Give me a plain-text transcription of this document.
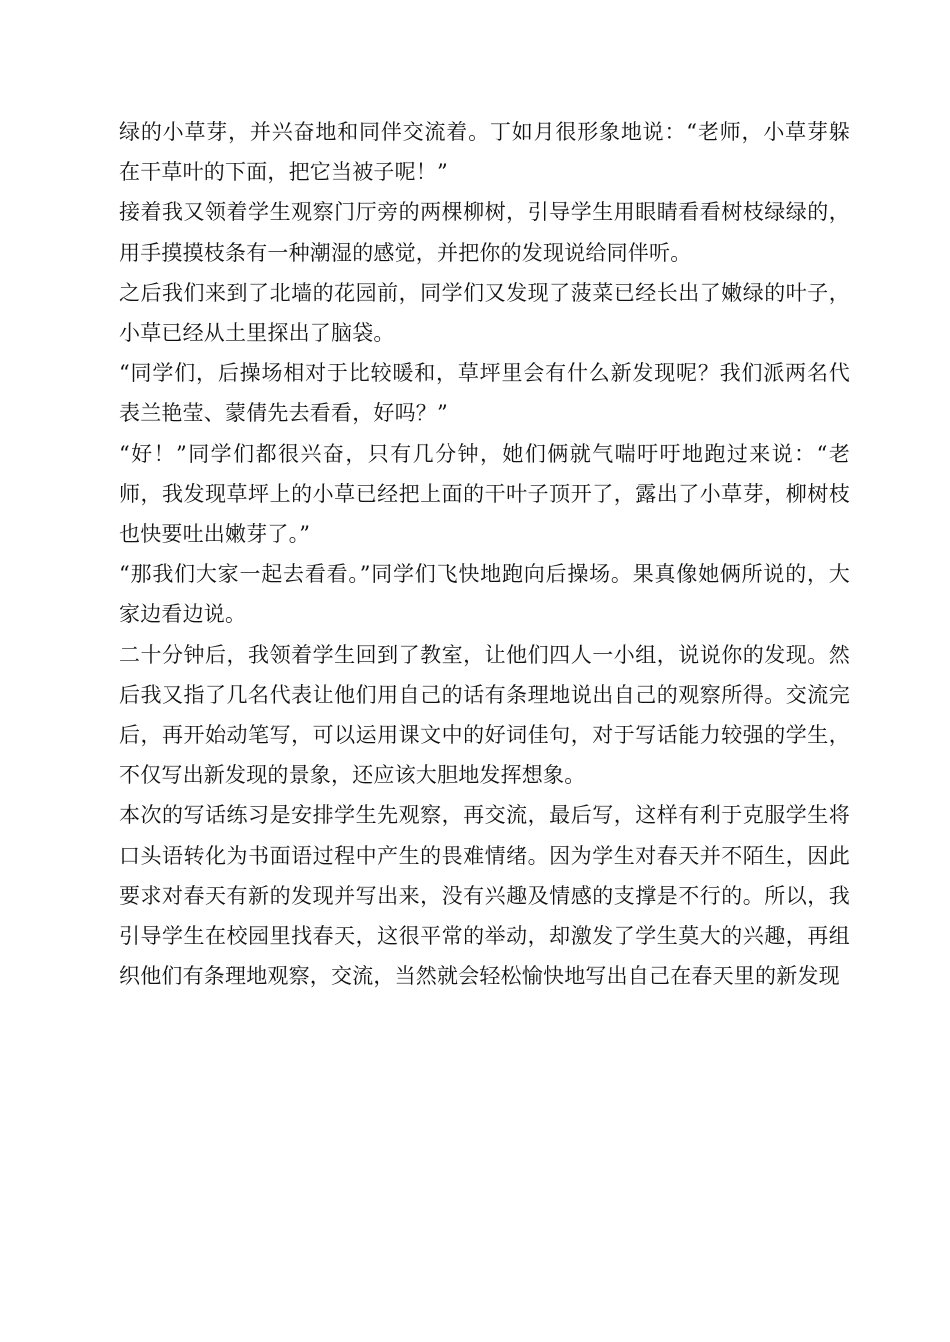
绿的小草芽，并兴奋地和同伴交流着。丁如月很形象地说：“老师，小草芽躲在干草叶的下面，把它当被子呢！”

接着我又领着学生观察门厅旁的两棵柳树，引导学生用眼睛看看树枝绿绿的，用手摸摸枝条有一种潮湿的感觉，并把你的发现说给同伴听。

之后我们来到了北墙的花园前，同学们又发现了菠菜已经长出了嫩绿的叶子，小草已经从土里探出了脑袋。

“同学们，后操场相对于比较暖和，草坪里会有什么新发现呢？我们派两名代表兰艳莹、蒙倩先去看看，好吗？”

“好！”同学们都很兴奋，只有几分钟，她们俩就气喘吁吁地跑过来说：“老师，我发现草坪上的小草已经把上面的干叶子顶开了，露出了小草芽，柳树枝也快要吐出嫩芽了。”

“那我们大家一起去看看。”同学们飞快地跑向后操场。果真像她俩所说的，大家边看边说。

二十分钟后，我领着学生回到了教室，让他们四人一小组，说说你的发现。然后我又指了几名代表让他们用自己的话有条理地说出自己的观察所得。交流完后，再开始动笔写，可以运用课文中的好词佳句，对于写话能力较强的学生，不仅写出新发现的景象，还应该大胆地发挥想象。

本次的写话练习是安排学生先观察，再交流，最后写，这样有利于克服学生将口头语转化为书面语过程中产生的畏难情绪。因为学生对春天并不陌生，因此要求对春天有新的发现并写出来，没有兴趣及情感的支撑是不行的。所以，我引导学生在校园里找春天，这很平常的举动，却激发了学生莫大的兴趣，再组织他们有条理地观察，交流，当然就会轻松愉快地写出自己在春天里的新发现
